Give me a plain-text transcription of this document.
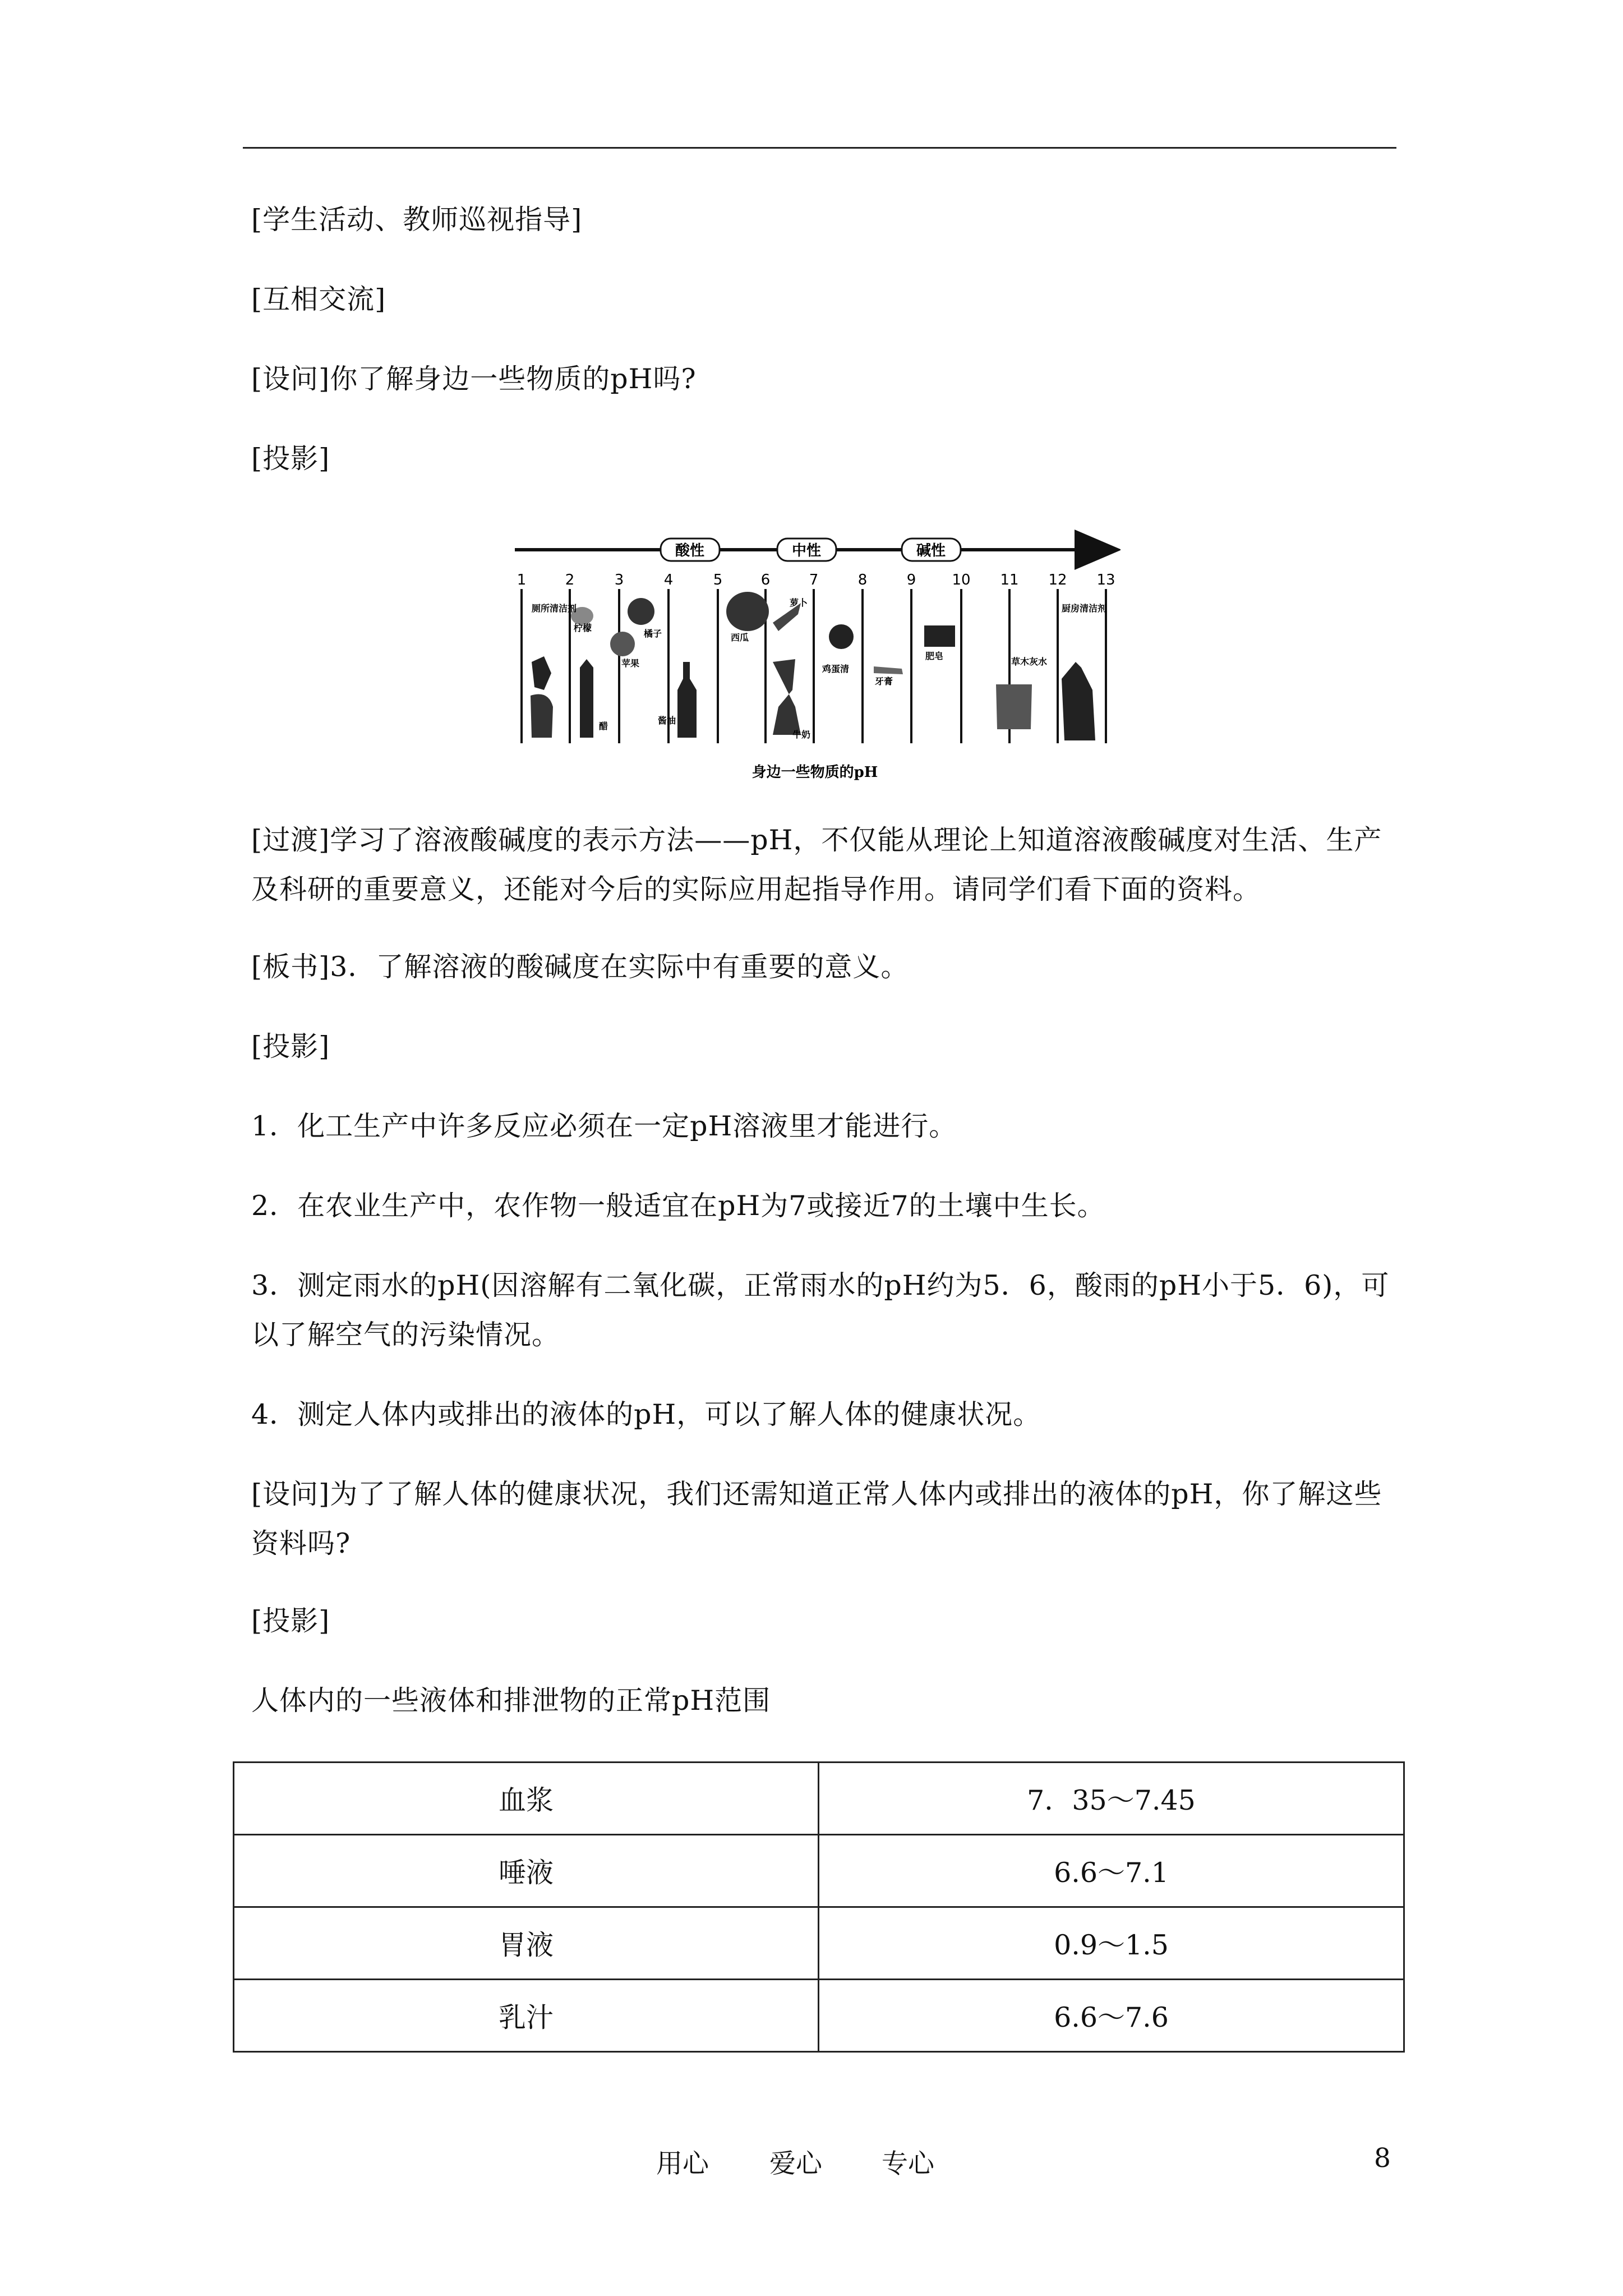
[学生活动、教师巡视指导]
[互相交流]
[设问]你了解身边一些物质的pH吗?
[投影]
酸性	中性	碱性
1	2	3	4	5	6	7	8	9 10 11 12 13
厕所清洁剂
柠檬
橘子
苹果
醋
酱油
西瓜
萝卜
牛奶
鸡蛋清
牙膏
肥皂
草木灰水
厨房清洁剂
身边一些物质的pH
[过渡]学习了溶液酸碱度的表示方法——pH，不仅能从理论上知道溶液酸碱度对生活、生产及科研的重要意义，还能对今后的实际应用起指导作用。请同学们看下面的资料。
[板书]3．了解溶液的酸碱度在实际中有重要的意义。
[投影]
1．化工生产中许多反应必须在一定pH溶液里才能进行。
2．在农业生产中，农作物一般适宜在pH为7或接近7的土壤中生长。
3．测定雨水的pH(因溶解有二氧化碳，正常雨水的pH约为5．6，酸雨的pH小于5．6)，可以了解空气的污染情况。
4．测定人体内或排出的液体的pH，可以了解人体的健康状况。
[设问]为了了解人体的健康状况，我们还需知道正常人体内或排出的液体的pH，你了解这些资料吗?
[投影]
人体内的一些液体和排泄物的正常pH范围
血浆	7．35～7.45
唾液	6.6～7.1
胃液	0.9～1.5
乳汁	6.6～7.6
用心 爱心 专心	8
